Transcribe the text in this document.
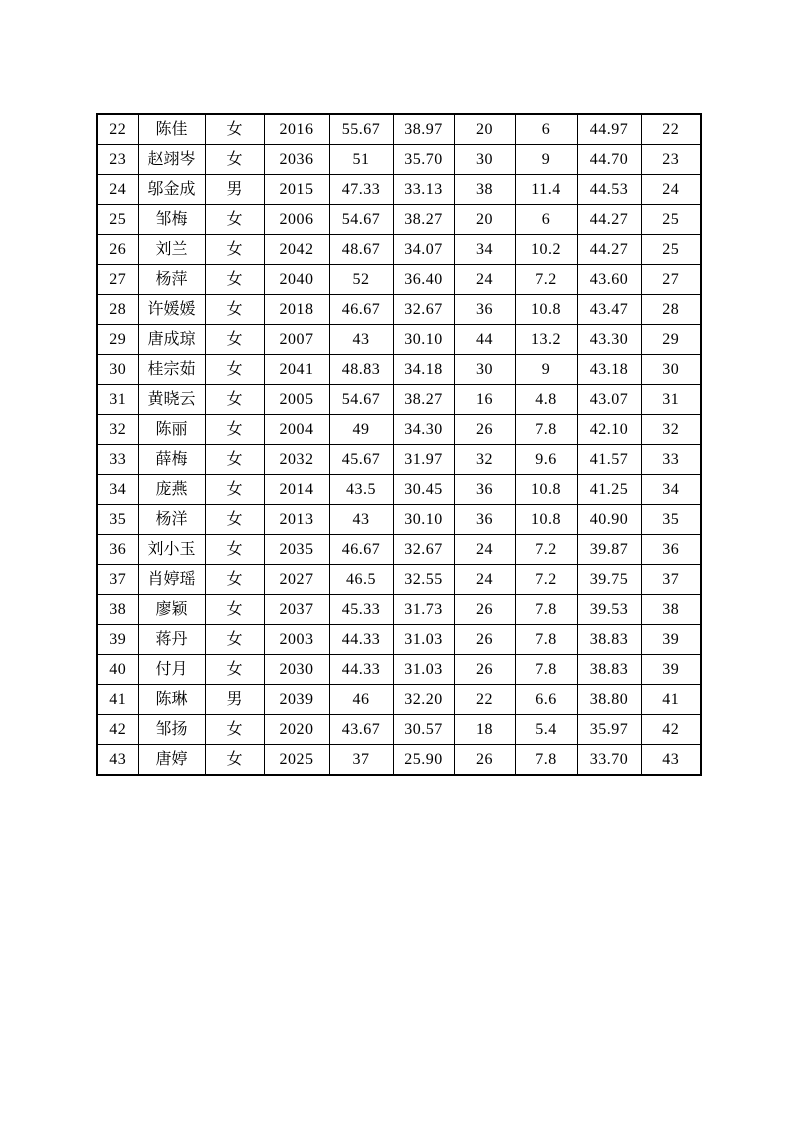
22	陈佳	女	2016	55.67	38.97	20	6	44.97	22
23	赵翊岑	女	2036	51	35.70	30	9	44.70	23
24	邬金成	男	2015	47.33	33.13	38	11.4	44.53	24
25	邹梅	女	2006	54.67	38.27	20	6	44.27	25
26	刘兰	女	2042	48.67	34.07	34	10.2	44.27	25
27	杨萍	女	2040	52	36.40	24	7.2	43.60	27
28	许媛媛	女	2018	46.67	32.67	36	10.8	43.47	28
29	唐成琼	女	2007	43	30.10	44	13.2	43.30	29
30	桂宗茹	女	2041	48.83	34.18	30	9	43.18	30
31	黄晓云	女	2005	54.67	38.27	16	4.8	43.07	31
32	陈丽	女	2004	49	34.30	26	7.8	42.10	32
33	薛梅	女	2032	45.67	31.97	32	9.6	41.57	33
34	庞燕	女	2014	43.5	30.45	36	10.8	41.25	34
35	杨洋	女	2013	43	30.10	36	10.8	40.90	35
36	刘小玉	女	2035	46.67	32.67	24	7.2	39.87	36
37	肖婷瑶	女	2027	46.5	32.55	24	7.2	39.75	37
38	廖颖	女	2037	45.33	31.73	26	7.8	39.53	38
39	蒋丹	女	2003	44.33	31.03	26	7.8	38.83	39
40	付月	女	2030	44.33	31.03	26	7.8	38.83	39
41	陈琳	男	2039	46	32.20	22	6.6	38.80	41
42	邹扬	女	2020	43.67	30.57	18	5.4	35.97	42
43	唐婷	女	2025	37	25.90	26	7.8	33.70	43
